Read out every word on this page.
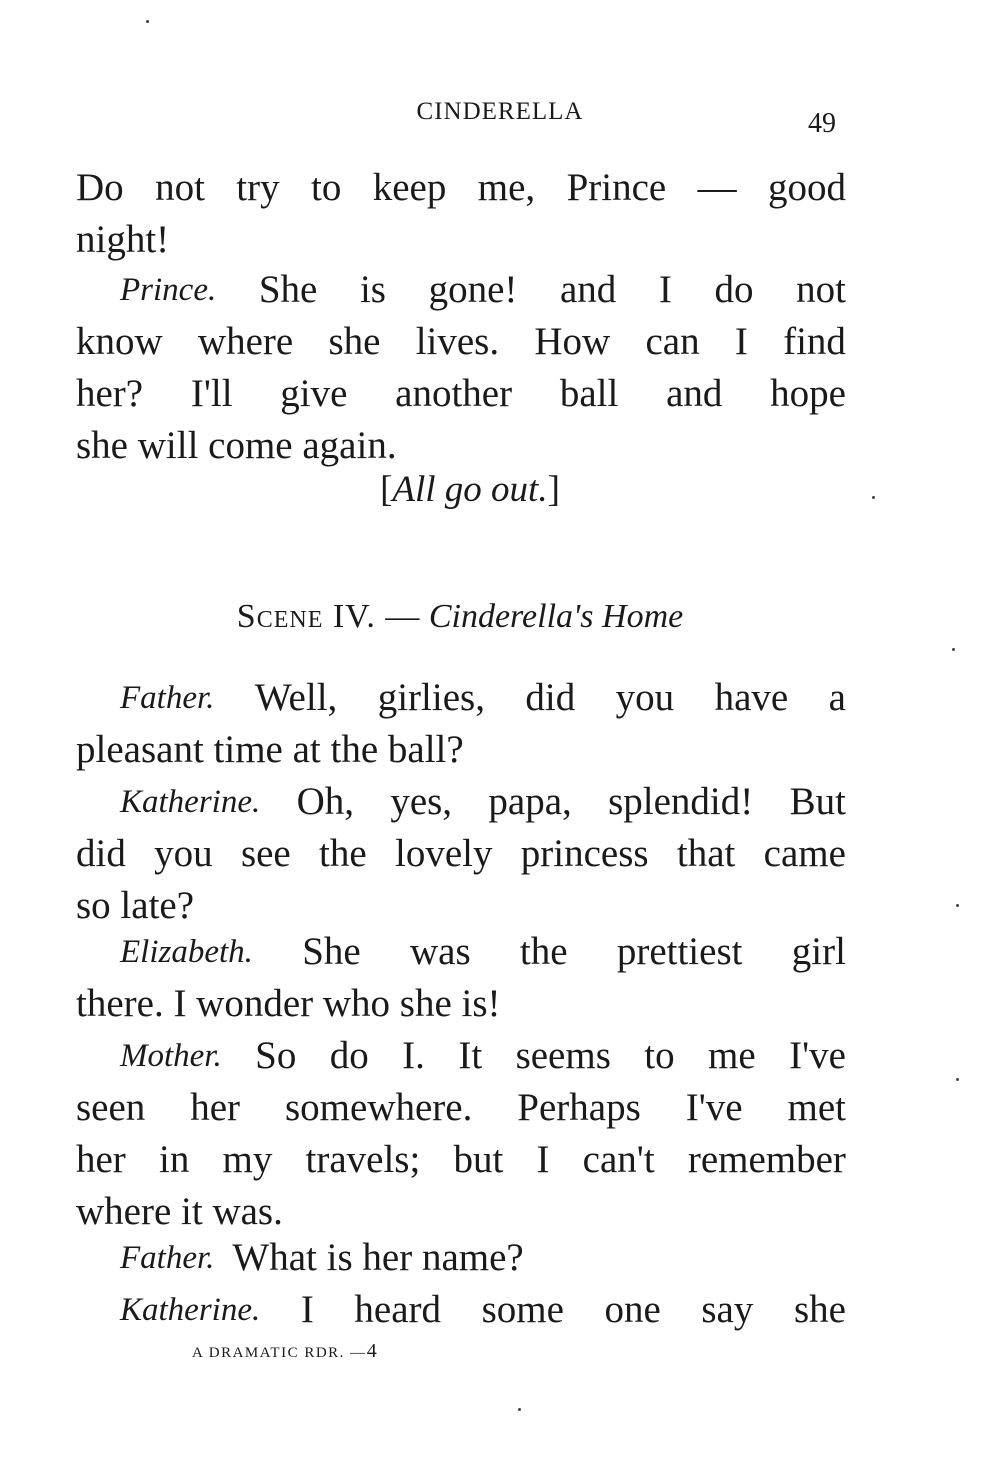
CINDERELLA	49
Do not try to keep me, Prince — good
night!
Prince. She is gone! and I do not
know where she lives. How can I find
her? I'll give another ball and hope
she will come again.
[All go out.]
Scene IV. — Cinderella's Home
Father. Well, girlies, did you have a
pleasant time at the ball?
Katherine. Oh, yes, papa, splendid! But
did you see the lovely princess that came
so late?
Elizabeth. She was the prettiest girl
there. I wonder who she is!
Mother. So do I. It seems to me I've
seen her somewhere. Perhaps I've met
her in my travels; but I can't remember
where it was.
Father. What is her name?
Katherine. I heard some one say she
A DRAMATIC RDR. —4
